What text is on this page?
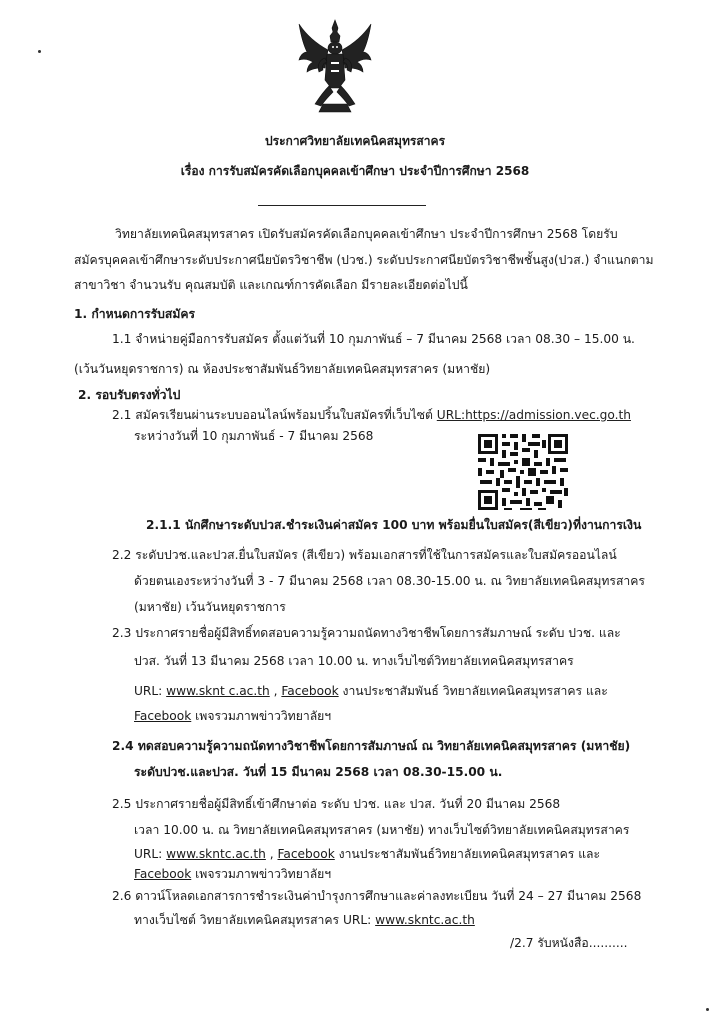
ประกาศวิทยาลัยเทคนิคสมุทรสาคร
เรื่อง การรับสมัครคัดเลือกบุคคลเข้าศึกษา ประจำปีการศึกษา 2568
วิทยาลัยเทคนิคสมุทรสาคร เปิดรับสมัครคัดเลือกบุคคลเข้าศึกษา ประจำปีการศึกษา 2568 โดยรับ
สมัครบุคคลเข้าศึกษาระดับประกาศนียบัตรวิชาชีพ (ปวช.) ระดับประกาศนียบัตรวิชาชีพชั้นสูง(ปวส.) จำแนกตาม
สาขาวิชา จำนวนรับ คุณสมบัติ และเกณฑ์การคัดเลือก มีรายละเอียดต่อไปนี้
1. กำหนดการรับสมัคร
1.1 จำหน่ายคู่มือการรับสมัคร ตั้งแต่วันที่ 10 กุมภาพันธ์ – 7 มีนาคม 2568 เวลา 08.30 – 15.00 น.
(เว้นวันหยุดราชการ) ณ ห้องประชาสัมพันธ์วิทยาลัยเทคนิคสมุทรสาคร (มหาชัย)
2. รอบรับตรงทั่วไป
2.1 สมัครเรียนผ่านระบบออนไลน์พร้อมปริ้นใบสมัครที่เว็บไซต์ URL:https://admission.vec.go.th
ระหว่างวันที่ 10 กุมภาพันธ์ - 7 มีนาคม 2568
2.1.1 นักศึกษาระดับปวส.ชำระเงินค่าสมัคร 100 บาท พร้อมยื่นใบสมัคร(สีเขียว)ที่งานการเงิน
2.2 ระดับปวช.และปวส.ยื่นใบสมัคร (สีเขียว) พร้อมเอกสารที่ใช้ในการสมัครและใบสมัครออนไลน์
ด้วยตนเองระหว่างวันที่ 3 - 7 มีนาคม 2568 เวลา 08.30-15.00 น. ณ วิทยาลัยเทคนิคสมุทรสาคร
(มหาชัย) เว้นวันหยุดราชการ
2.3 ประกาศรายชื่อผู้มีสิทธิ์ทดสอบความรู้ความถนัดทางวิชาชีพโดยการสัมภาษณ์ ระดับ ปวช. และ
ปวส. วันที่ 13 มีนาคม 2568 เวลา 10.00 น. ทางเว็บไซต์วิทยาลัยเทคนิคสมุทรสาคร
URL: www.sknt c.ac.th , Facebook งานประชาสัมพันธ์ วิทยาลัยเทคนิคสมุทรสาคร และ
Facebook เพจรวมภาพข่าววิทยาลัยฯ
2.4 ทดสอบความรู้ความถนัดทางวิชาชีพโดยการสัมภาษณ์ ณ วิทยาลัยเทคนิคสมุทรสาคร (มหาชัย)
ระดับปวช.และปวส. วันที่ 15 มีนาคม 2568 เวลา 08.30-15.00 น.
2.5 ประกาศรายชื่อผู้มีสิทธิ์เข้าศึกษาต่อ ระดับ ปวช. และ ปวส. วันที่ 20 มีนาคม 2568
เวลา 10.00 น. ณ วิทยาลัยเทคนิคสมุทรสาคร (มหาชัย) ทางเว็บไซต์วิทยาลัยเทคนิคสมุทรสาคร
URL: www.skntc.ac.th , Facebook งานประชาสัมพันธ์วิทยาลัยเทคนิคสมุทรสาคร และ
Facebook เพจรวมภาพข่าววิทยาลัยฯ
2.6 ดาวน์โหลดเอกสารการชำระเงินค่าบำรุงการศึกษาและค่าลงทะเบียน วันที่ 24 – 27 มีนาคม 2568
ทางเว็บไซต์ วิทยาลัยเทคนิคสมุทรสาคร URL: www.skntc.ac.th
/2.7 รับหนังสือ..........
